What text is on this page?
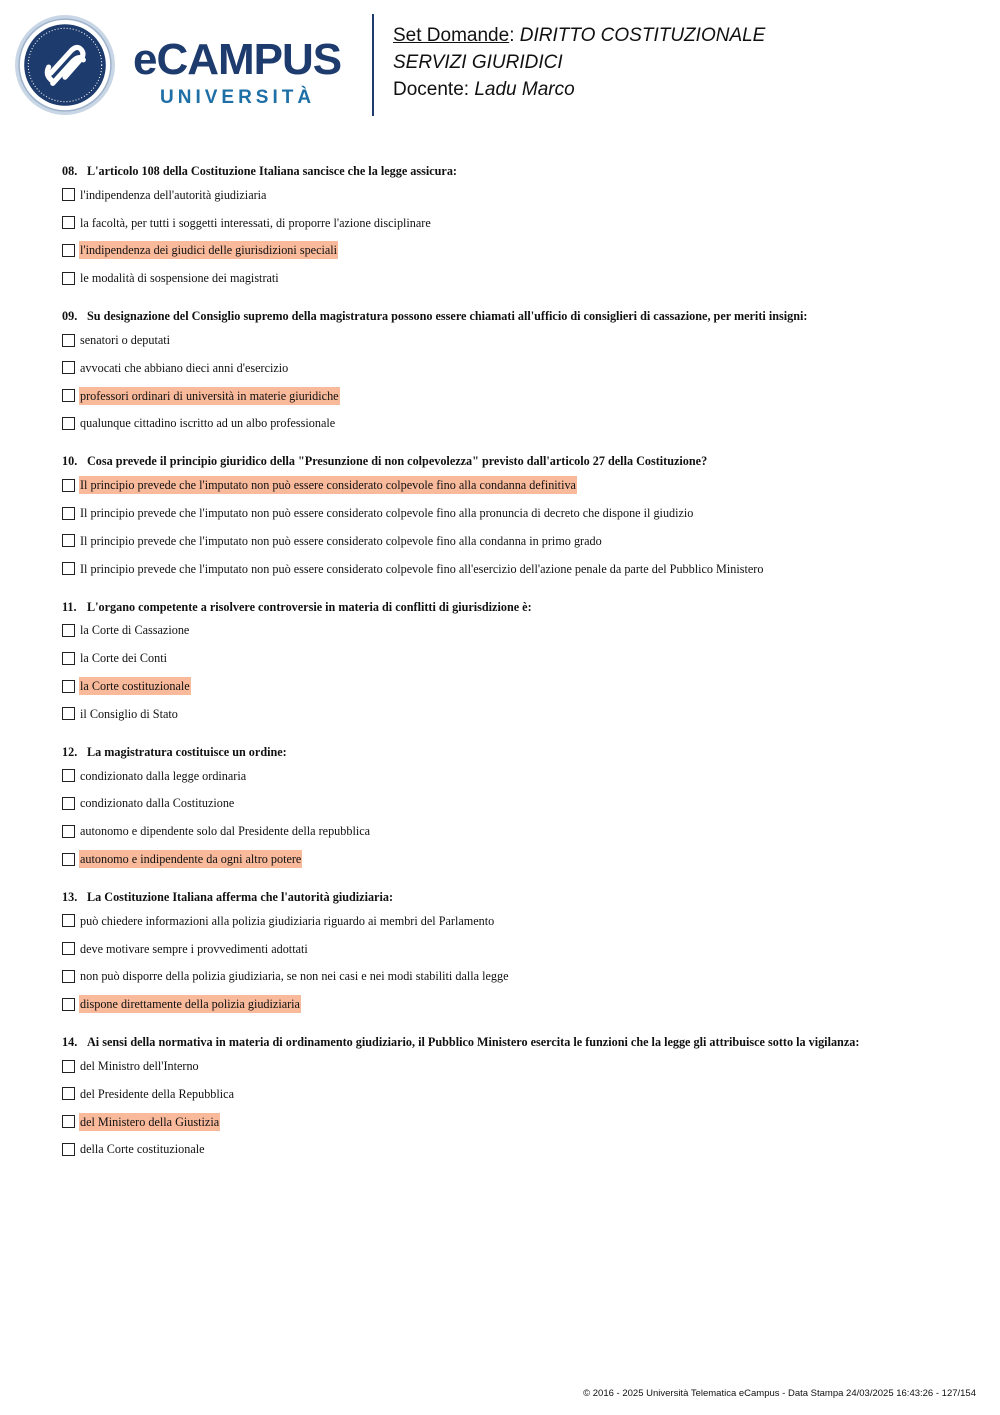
eCAMPUS
UNIVERSITÀ
Set Domande: DIRITTO COSTITUZIONALE
SERVIZI GIURIDICI
Docente: Ladu Marco
08. L'articolo 108 della Costituzione Italiana sancisce che la legge assicura:
l'indipendenza dell'autorità giudiziaria
la facoltà, per tutti i soggetti interessati, di proporre l'azione disciplinare
l'indipendenza dei giudici delle giurisdizioni speciali
le modalità di sospensione dei magistrati
09. Su designazione del Consiglio supremo della magistratura possono essere chiamati all'ufficio di consiglieri di cassazione, per meriti insigni:
senatori o deputati
avvocati che abbiano dieci anni d'esercizio
professori ordinari di università in materie giuridiche
qualunque cittadino iscritto ad un albo professionale
10. Cosa prevede il principio giuridico della "Presunzione di non colpevolezza" previsto dall'articolo 27 della Costituzione?
Il principio prevede che l'imputato non può essere considerato colpevole fino alla condanna definitiva
Il principio prevede che l'imputato non può essere considerato colpevole fino alla pronuncia di decreto che dispone il giudizio
Il principio prevede che l'imputato non può essere considerato colpevole fino alla condanna in primo grado
Il principio prevede che l'imputato non può essere considerato colpevole fino all'esercizio dell'azione penale da parte del Pubblico Ministero
11. L'organo competente a risolvere controversie in materia di conflitti di giurisdizione è:
la Corte di Cassazione
la Corte dei Conti
la Corte costituzionale
il Consiglio di Stato
12. La magistratura costituisce un ordine:
condizionato dalla legge ordinaria
condizionato dalla Costituzione
autonomo e dipendente solo dal Presidente della repubblica
autonomo e indipendente da ogni altro potere
13. La Costituzione Italiana afferma che l'autorità giudiziaria:
può chiedere informazioni alla polizia giudiziaria riguardo ai membri del Parlamento
deve motivare sempre i provvedimenti adottati
non può disporre della polizia giudiziaria, se non nei casi e nei modi stabiliti dalla legge
dispone direttamente della polizia giudiziaria
14. Ai sensi della normativa in materia di ordinamento giudiziario, il Pubblico Ministero esercita le funzioni che la legge gli attribuisce sotto la vigilanza:
del Ministro dell'Interno
del Presidente della Repubblica
del Ministero della Giustizia
della Corte costituzionale
© 2016 - 2025 Università Telematica eCampus - Data Stampa 24/03/2025 16:43:26 - 127/154
